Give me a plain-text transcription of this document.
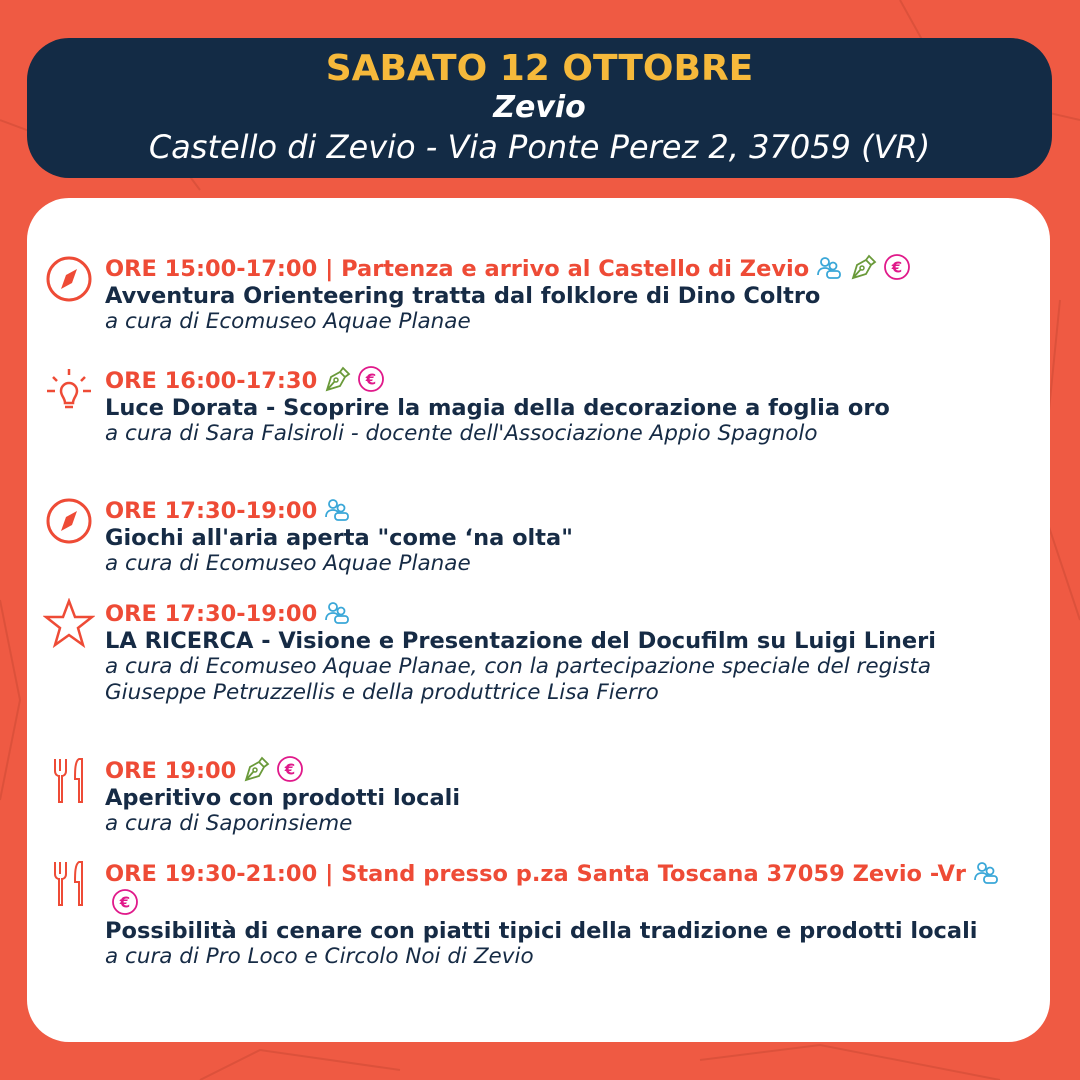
SABATO 12 OTTOBRE
Zevio
Castello di Zevio - Via Ponte Perez 2, 37059 (VR)
ORE 15:00-17:00 | Partenza e arrivo al Castello di Zevio	€
Avventura Orienteering tratta dal folklore di Dino Coltro
a cura di Ecomuseo Aquae Planae
ORE 16:00-17:30	€
Luce Dorata - Scoprire la magia della decorazione a foglia oro
a cura di Sara Falsiroli - docente dell'Associazione Appio Spagnolo
ORE 17:30-19:00
Giochi all'aria aperta "come ‘na olta"
a cura di Ecomuseo Aquae Planae
ORE 17:30-19:00
LA RICERCA - Visione e Presentazione del Docufilm su Luigi Lineri
a cura di Ecomuseo Aquae Planae, con la partecipazione speciale del regista Giuseppe Petruzzellis e della produttrice Lisa Fierro
ORE 19:00	€
Aperitivo con prodotti locali
a cura di Saporinsieme
ORE 19:30-21:00 | Stand presso p.za Santa Toscana 37059 Zevio -Vr
€
Possibilità di cenare con piatti tipici della tradizione e prodotti locali
a cura di Pro Loco e Circolo Noi di Zevio
